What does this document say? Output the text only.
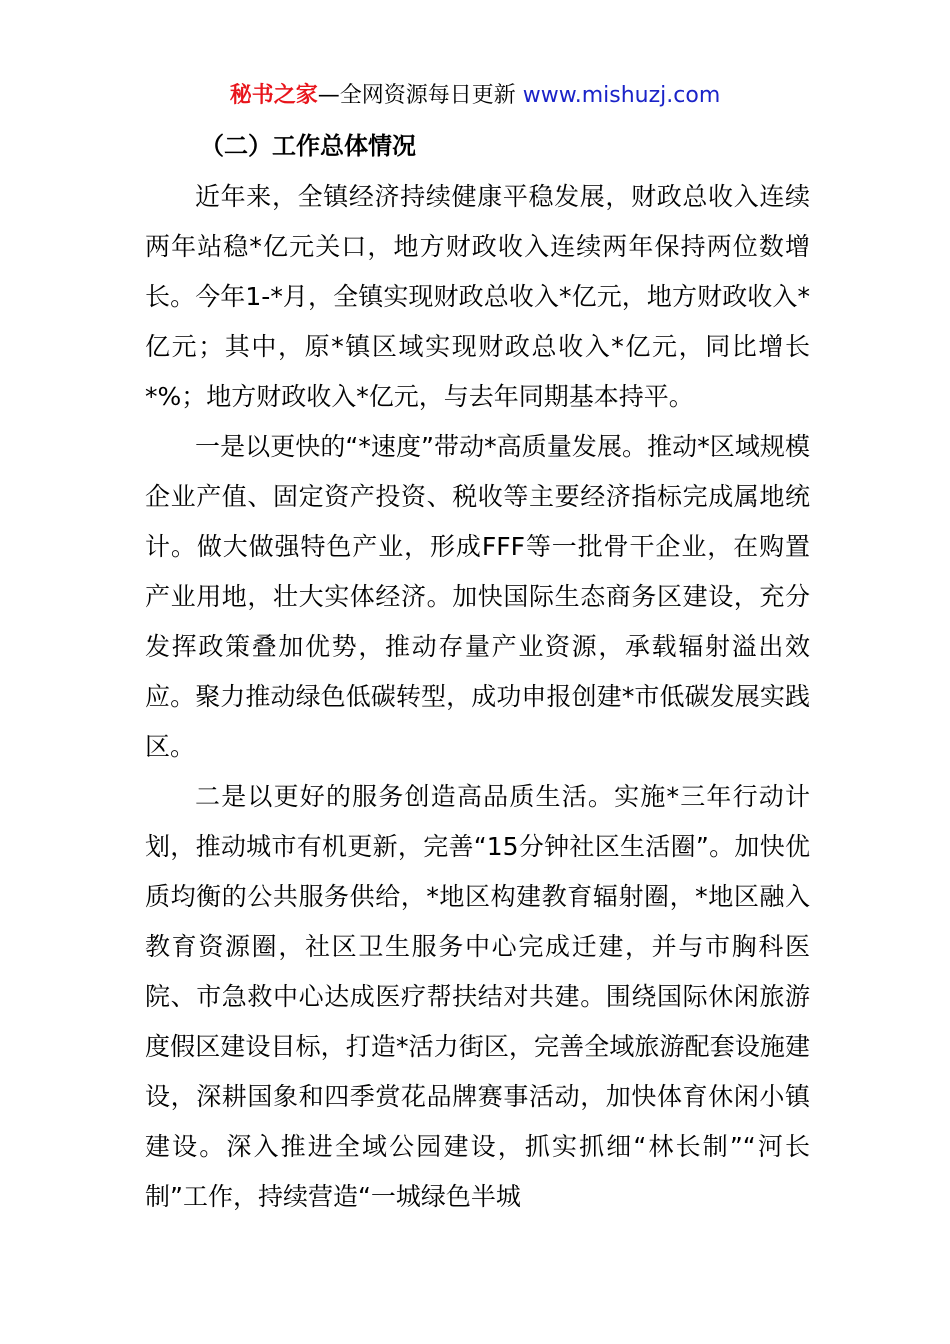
秘书之家—全网资源每日更新 www.mishuzj.com
（二）工作总体情况

近年来，全镇经济持续健康平稳发展，财政总收入连续两年站稳*亿元关口，地方财政收入连续两年保持两位数增长。今年1-*月，全镇实现财政总收入*亿元，地方财政收入*亿元；其中，原*镇区域实现财政总收入*亿元，同比增长*%；地方财政收入*亿元，与去年同期基本持平。

一是以更快的“*速度”带动*高质量发展。推动*区域规模企业产值、固定资产投资、税收等主要经济指标完成属地统计。做大做强特色产业，形成FFF等一批骨干企业，在购置产业用地，壮大实体经济。加快国际生态商务区建设，充分发挥政策叠加优势，推动存量产业资源，承载辐射溢出效应。聚力推动绿色低碳转型，成功申报创建*市低碳发展实践区。

二是以更好的服务创造高品质生活。实施*三年行动计划，推动城市有机更新，完善“15分钟社区生活圈”。加快优质均衡的公共服务供给，*地区构建教育辐射圈，*地区融入教育资源圈，社区卫生服务中心完成迁建，并与市胸科医院、市急救中心达成医疗帮扶结对共建。围绕国际休闲旅游度假区建设目标，打造*活力街区，完善全域旅游配套设施建设，深耕国象和四季赏花品牌赛事活动，加快体育休闲小镇建设。深入推进全域公园建设，抓实抓细“林长制”“河长制”工作，持续营造“一城绿色半城
